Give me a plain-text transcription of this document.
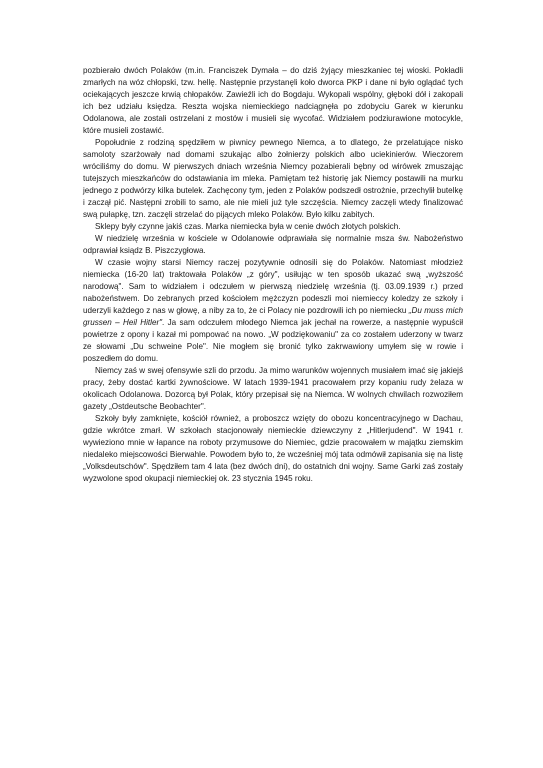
pozbierało dwóch Polaków (m.in. Franciszek Dymała – do dziś żyjący mieszkaniec tej wioski. Pokładli zmarłych na wóz chłopski, tzw. hellę. Następnie przystanęli koło dworca PKP i dane ni było oglądać tych ociekających jeszcze krwią chłopaków. Zawieźli ich do Bogdaju. Wykopali wspólny, głęboki dół i zakopali ich bez udziału księdza. Reszta wojska niemieckiego nadciągnęła po zdobyciu Garek w kierunku Odolanowa, ale zostali ostrzelani z mostów i musieli się wycofać. Widziałem podziurawione motocykle, które musieli zostawić.

Popołudnie z rodziną spędziłem w piwnicy pewnego Niemca, a to dlatego, że przelatujące nisko samoloty szarżowały nad domami szukając albo żołnierzy polskich albo uciekinierów. Wieczorem wróciliśmy do domu. W pierwszych dniach września Niemcy pozabierali bębny od wirówek zmuszając tutejszych mieszkańców do odstawiania im mleka. Pamiętam też historię jak Niemcy postawili na murku jednego z podwórzy kilka butelek. Zachęcony tym, jeden z Polaków podszedł ostrożnie, przechylił butelkę i zaczął pić. Następni zrobili to samo, ale nie mieli już tyle szczęścia. Niemcy zaczęli wtedy finalizować swą pułapkę, tzn. zaczęli strzelać do pijących mleko Polaków. Było kilku zabitych.

Sklepy były czynne jakiś czas. Marka niemiecka była w cenie dwóch złotych polskich.

W niedzielę września w kościele w Odolanowie odprawiała się normalnie msza św. Nabożeństwo odprawiał ksiądz B. Piszczygłowa.

W czasie wojny starsi Niemcy raczej pozytywnie odnosili się do Polaków. Natomiast młodzież niemiecka (16-20 lat) traktowała Polaków „z góry", usiłując w ten sposób ukazać swą „wyższość narodową". Sam to widziałem i odczułem w pierwszą niedzielę września (tj. 03.09.1939 r.) przed nabożeństwem. Do zebranych przed kościołem mężczyzn podeszli moi niemieccy koledzy ze szkoły i uderzyli każdego z nas w głowę, a niby za to, że ci Polacy nie pozdrowili ich po niemiecku „Du muss mich grussen – Heil Hitler". Ja sam odczułem młodego Niemca jak jechał na rowerze, a następnie wypuścił powietrze z opony i kazał mi pompować na nowo. „W podziękowaniu" za co zostałem uderzony w twarz ze słowami „Du schweine Pole". Nie mogłem się bronić tylko zakrwawiony umyłem się w rowie i poszedłem do domu.

Niemcy zaś w swej ofensywie szli do przodu. Ja mimo warunków wojennych musiałem imać się jakiejś pracy, żeby dostać kartki żywnościowe. W latach 1939-1941 pracowałem przy kopaniu rudy żelaza w okolicach Odolanowa. Dozorcą był Polak, który przepisał się na Niemca. W wolnych chwilach rozwoziłem gazety „Ostdeutsche Beobachter".

Szkoły były zamknięte, kościół również, a proboszcz wzięty do obozu koncentracyjnego w Dachau, gdzie wkrótce zmarł. W szkołach stacjonowały niemieckie dziewczyny z „Hitlerjudend". W 1941 r. wywieziono mnie w łapance na roboty przymusowe do Niemiec, gdzie pracowałem w majątku ziemskim niedaleko miejscowości Bierwahle. Powodem było to, że wcześniej mój tata odmówił zapisania się na listę „Volksdeutschów". Spędziłem tam 4 lata (bez dwóch dni), do ostatnich dni wojny. Same Garki zaś zostały wyzwolone spod okupacji niemieckiej ok. 23 stycznia 1945 roku.
